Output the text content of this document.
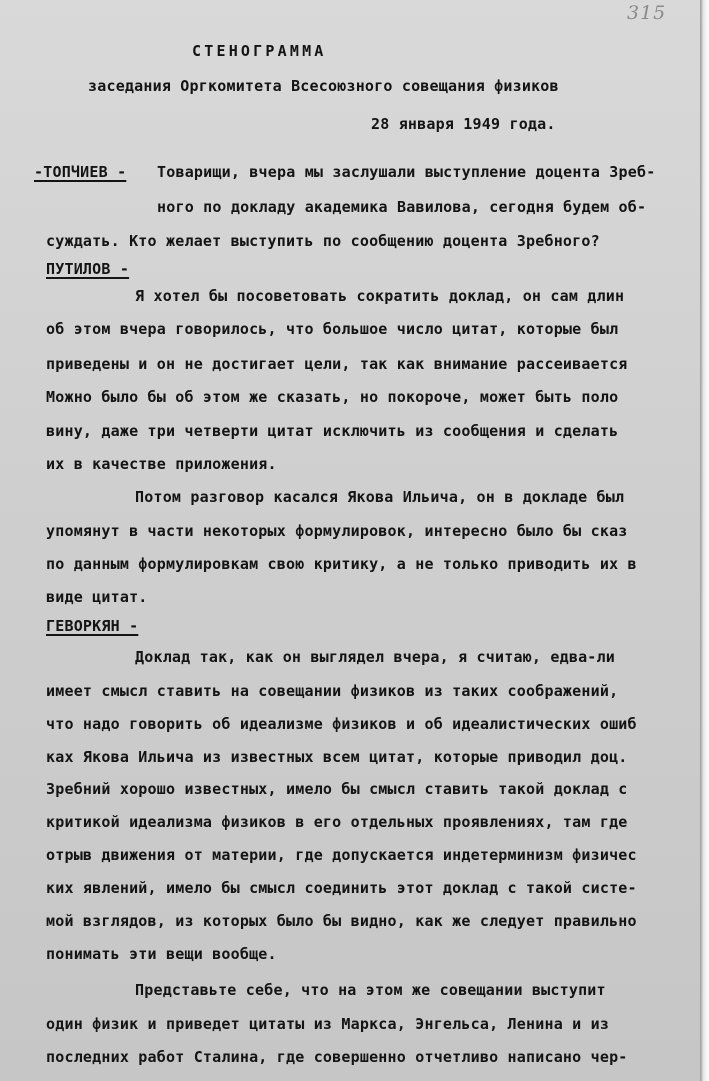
315
СТЕНОГРАММА
заседания Оргкомитета Всесоюзного совещания физиков
28 января 1949 года.
-ТОПЧИЕВ - Товарищи, вчера мы заслушали выступление доцента Зреб-
ного по докладу академика Вавилова, сегодня будем об-
суждать. Кто желает выступить по сообщению доцента Зребного?
ПУТИЛОВ -
Я хотел бы посоветовать сократить доклад, он сам длин
об этом вчера говорилось, что большое число цитат, которые был
приведены и он не достигает цели, так как внимание рассеивается
Можно было бы об этом же сказать, но покороче, может быть поло
вину, даже три четверти цитат исключить из сообщения и сделать
их в качестве приложения.
Потом разговор касался Якова Ильича, он в докладе был
упомянут в части некоторых формулировок, интересно было бы сказ
по данным формулировкам свою критику, а не только приводить их в
виде цитат.
ГЕВОРКЯН -
Доклад так, как он выглядел вчера, я считаю, едва-ли
имеет смысл ставить на совещании физиков из таких соображений,
что надо говорить об идеализме физиков и об идеалистических ошиб
ках Якова Ильича из известных всем цитат, которые приводил доц.
Зребний хорошо известных, имело бы смысл ставить такой доклад с
критикой идеализма физиков в его отдельных проявлениях, там где
отрыв движения от материи, где допускается индетерминизм физичес
ких явлений, имело бы смысл соединить этот доклад с такой систе-
мой взглядов, из которых было бы видно, как же следует правильно
понимать эти вещи вообще.
Представьте себе, что на этом же совещании выступит
один физик и приведет цитаты из Маркса, Энгельса, Ленина и из
последних работ Сталина, где совершенно отчетливо написано чер-
